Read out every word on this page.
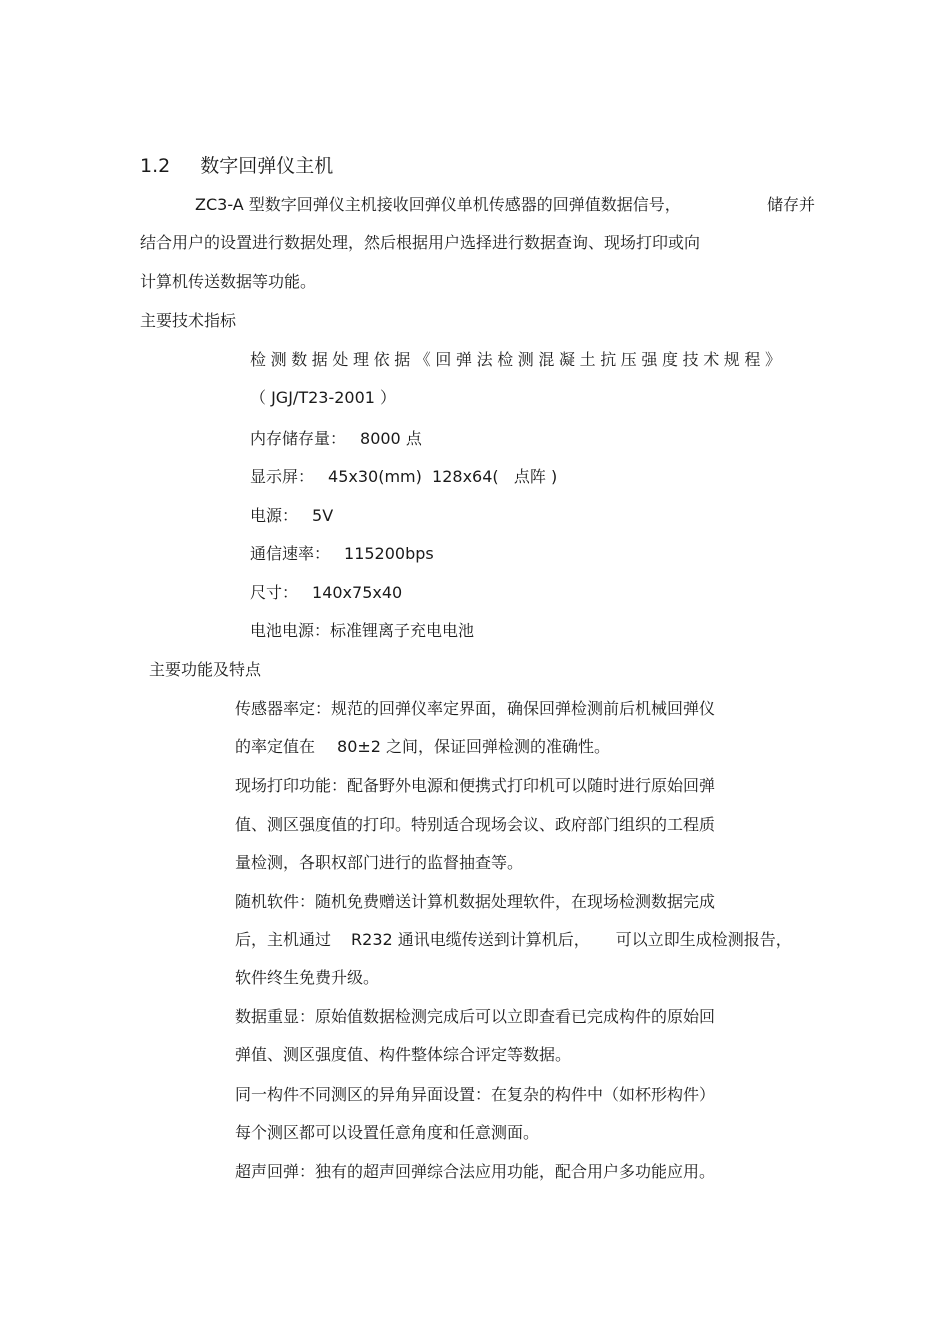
1.2 数字回弹仪主机
ZC3-A 型数字回弹仪主机接收回弹仪单机传感器的回弹值数据信号，	储存并
结合用户的设置进行数据处理，然后根据用户选择进行数据查询、现场打印或向
计算机传送数据等功能。
主要技术指标
检测数据处理依据《回弹法检测混凝土抗压强度技术规程》
（ JGJ/T23-2001 ）
内存储存量： 8000 点
显示屏： 45x30(mm)  128x64(   点阵 )
电源： 5V
通信速率： 115200bps
尺寸： 140x75x40
电池电源：标准锂离子充电电池
主要功能及特点
传感器率定：规范的回弹仪率定界面，确保回弹检测前后机械回弹仪
的率定值在 80±2 之间，保证回弹检测的准确性。
现场打印功能：配备野外电源和便携式打印机可以随时进行原始回弹
值、测区强度值的打印。特别适合现场会议、政府部门组织的工程质
量检测，各职权部门进行的监督抽查等。
随机软件：随机免费赠送计算机数据处理软件，在现场检测数据完成
后，主机通过 R232 通讯电缆传送到计算机后， 可以立即生成检测报告，
软件终生免费升级。
数据重显：原始值数据检测完成后可以立即查看已完成构件的原始回
弹值、测区强度值、构件整体综合评定等数据。
同一构件不同测区的异角异面设置：在复杂的构件中（如杯形构件）
每个测区都可以设置任意角度和任意测面。
超声回弹：独有的超声回弹综合法应用功能，配合用户多功能应用。
